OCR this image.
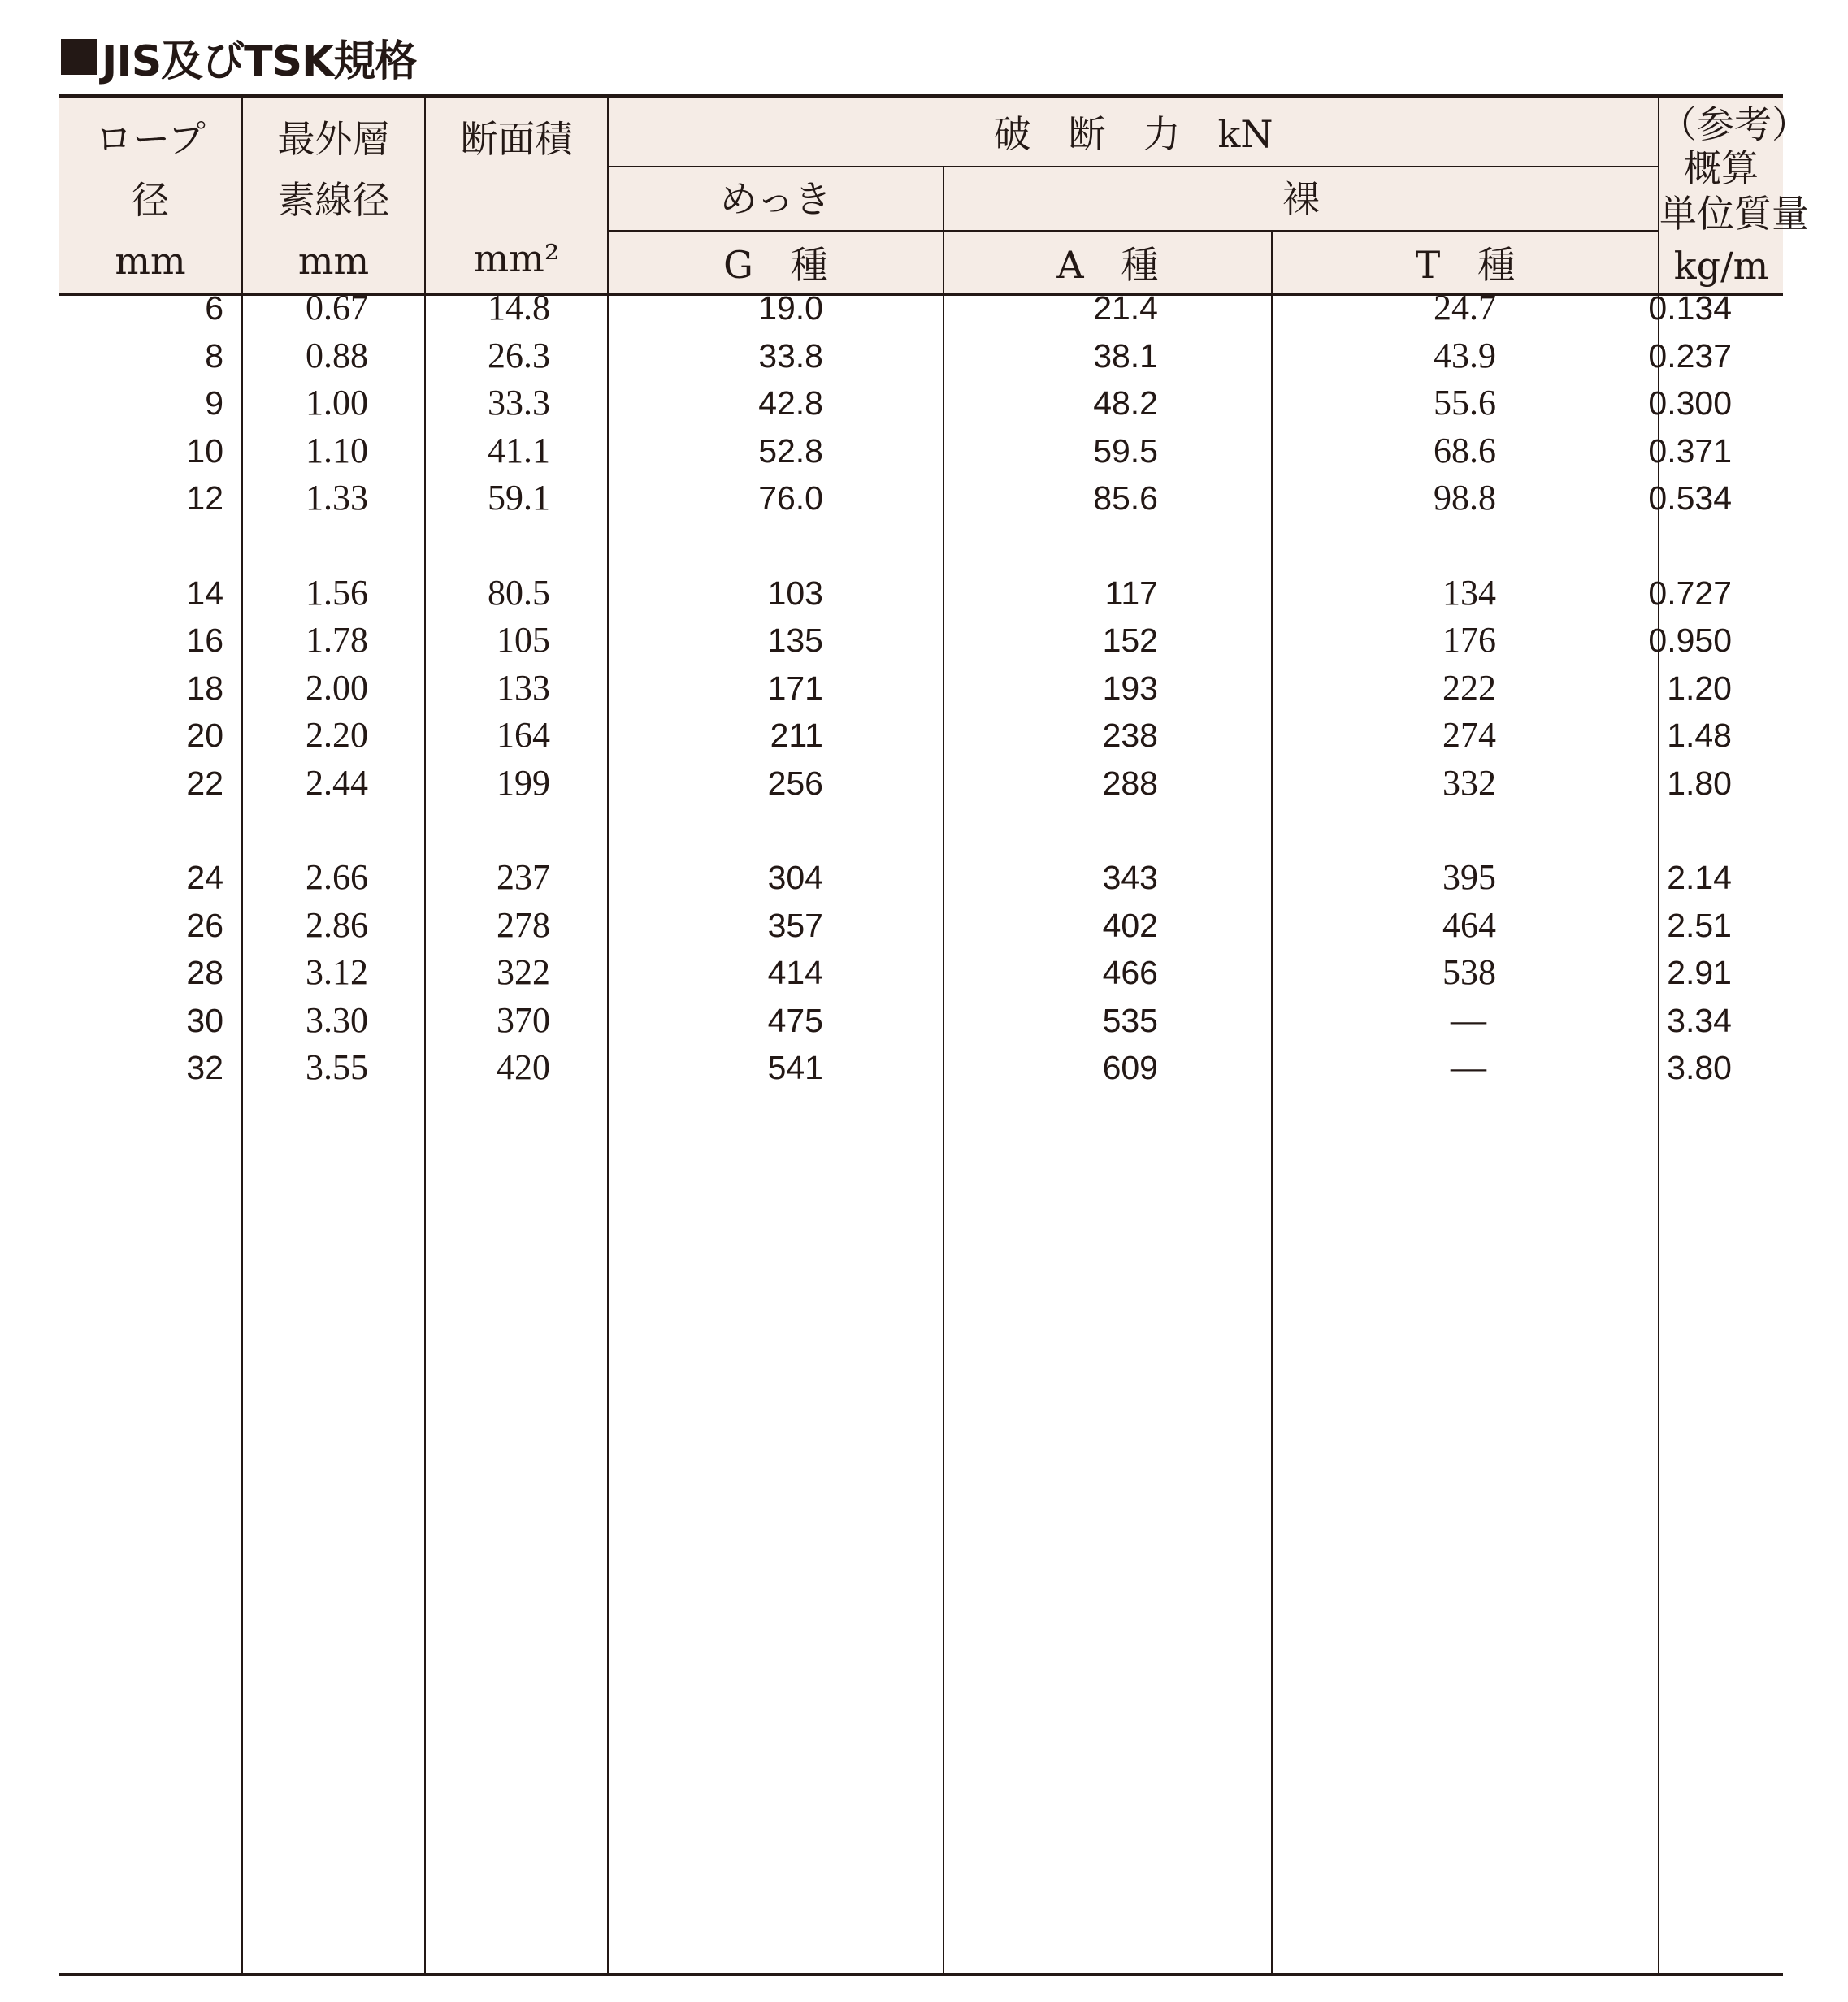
JIS及びTSK規格
ロープ
径
mm
最外層
素線径
mm
断面積
mm²
破　断　力　kN
めっき	裸
G　種	A　種	T　種
（参考）
概算
単位質量
kg/m
6 0.67	14.8	19.0	21.4	24.7	0.134
8 0.88	26.3	33.8	38.1	43.9	0.237
9 1.00	33.3	42.8	48.2	55.6	0.300
10 1.10	41.1	52.8	59.5	68.6	0.371
12 1.33	59.1	76.0	85.6	98.8	0.534
14 1.56	80.5	103	117	134	0.727
16 1.78	105	135	152	176	0.950
18 2.00	133	171	193	222	1.20
20 2.20	164	211	238	274	1.48
22 2.44	199	256	288	332	1.80
24 2.66	237	304	343	395	2.14
26 2.86	278	357	402	464	2.51
28 3.12	322	414	466	538	2.91
30 3.30	370	475	535	—	3.34
32 3.55	420	541	609	—	3.80
